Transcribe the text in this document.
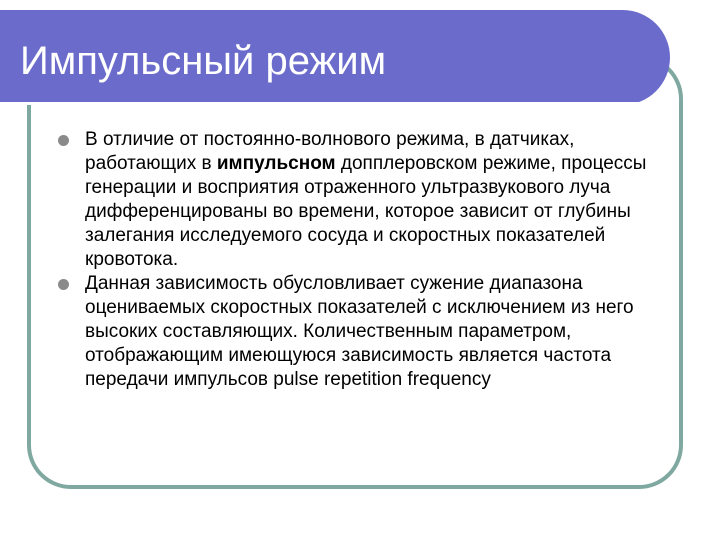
Импульсный режим
В отличие от постоянно-волнового режима, в датчиках, работающих в импульсном допплеровском режиме, процессы генерации и восприятия отраженного ультразвукового луча дифференцированы во времени, которое зависит от глубины залегания исследуемого сосуда и скоростных показателей кровотока.
Данная зависимость обусловливает сужение диапазона оцениваемых скоростных показателей с исключением из него высоких составляющих. Количественным параметром, отображающим имеющуюся зависимость является частота передачи импульсов pulse repetition frequency
